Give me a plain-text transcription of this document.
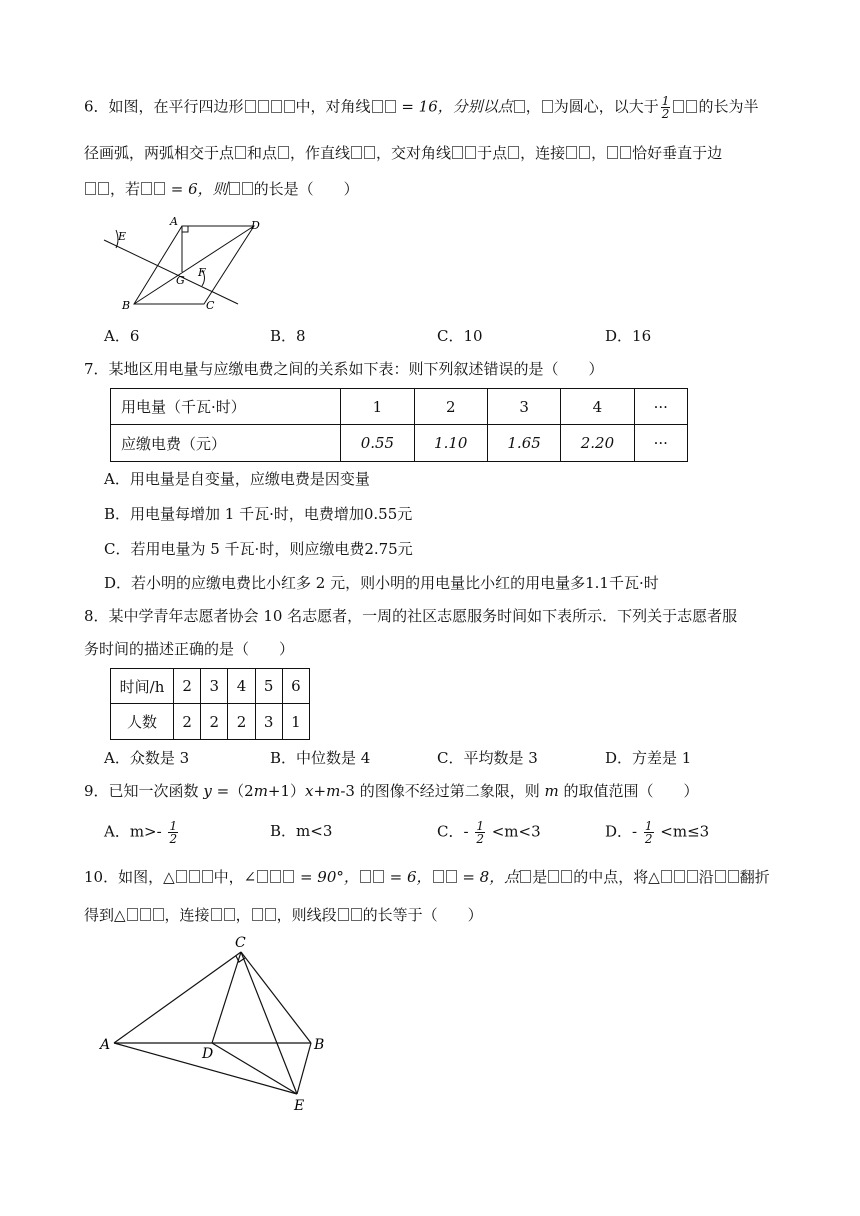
6．如图，在平行四边形	中，对角线 = 16，分别以点 ， 为圆心，以大于 $\frac{1}{2}$ 的长为半
径画弧，两弧相交于点 和点 ，作直线 ，交对角线 于点 ，连接 ， 恰好垂直于边
，若 = 6，则 的长是（　　）
A	D
E
G
F
B	C
A．6	B．8	C．10	D．16
7．某地区用电量与应缴电费之间的关系如下表：则下列叙述错误的是（　　）
用电量（千瓦·时）	1	2	3	4	···
应缴电费（元）	0.55	1.10	1.65	2.20	···
A．用电量是自变量，应缴电费是因变量
B．用电量每增加 1 千瓦·时，电费增加0.55元
C．若用电量为 5 千瓦·时，则应缴电费2.75元
D．若小明的应缴电费比小红多 2 元，则小明的用电量比小红的用电量多1.1千瓦·时
8．某中学青年志愿者协会 10 名志愿者，一周的社区志愿服务时间如下表所示．下列关于志愿者服
务时间的描述正确的是（　　）
时间/h	2	3	4	5	6
人数	2	2	2	3	1
A．众数是 3	B．中位数是 4	C．平均数是 3	D．方差是 1
9．已知一次函数 y =（2m+1）x+m-3 的图像不经过第二象限，则 m 的取值范围（　　）
A．$m>- \frac{1}{2}$	B．m<3	C．- $\frac{1}{2} <m<3$	D．- $\frac{1}{2} <m\le 3$
10．如图，△	中，∠	= 90°， = 6， = 8，点 是 的中点，将△	沿 翻折
得到△	，连接 ， ，则线段 的长等于（　　）
C
A
D
B
E
